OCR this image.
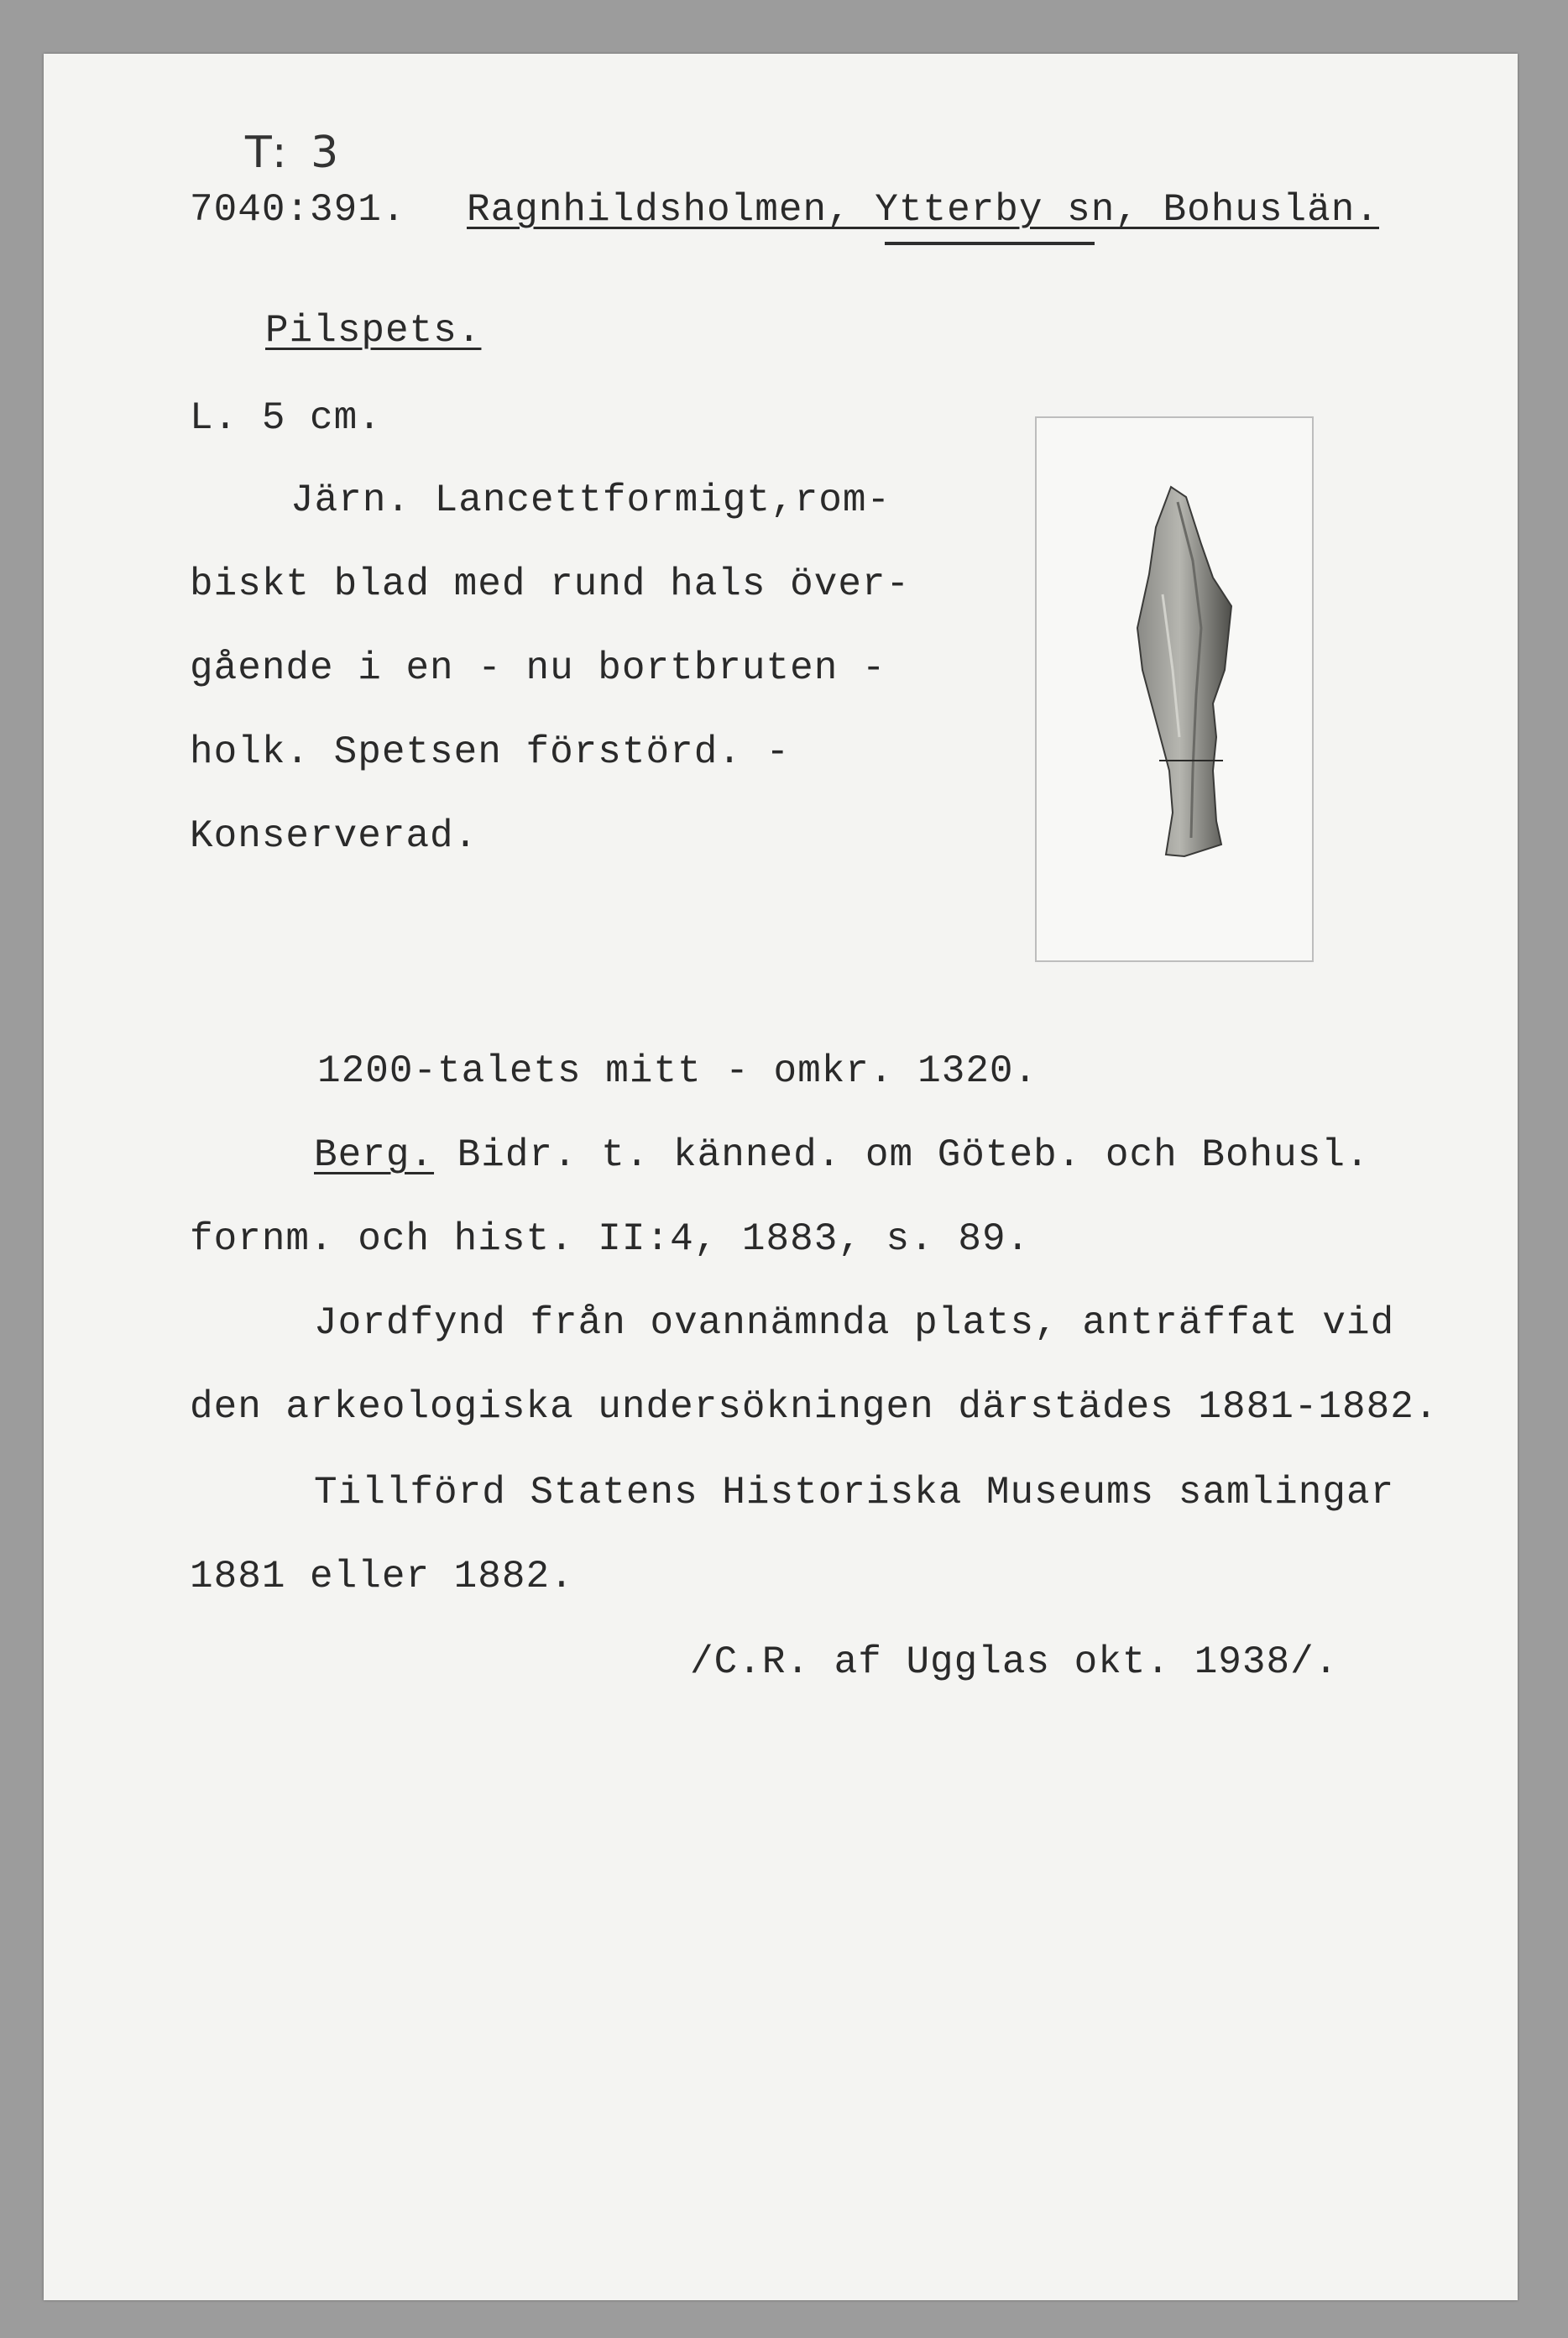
T: 3
7040:391. Ragnhildsholmen, Ytterby sn, Bohuslän.
Pilspets.
L. 5 cm.
Järn. Lancettformigt,rom-
biskt blad med rund hals över-
gående i en - nu bortbruten -
holk. Spetsen förstörd. -
Konserverad.
1200-talets mitt - omkr. 1320.
Berg.
Bidr. t. känned. om Göteb. och Bohusl.
fornm. och hist. II:4, 1883, s. 89.
Jordfynd från ovannämnda plats, anträffat vid
den arkeologiska undersökningen därstädes 1881-1882.
Tillförd Statens Historiska Museums samlingar
1881 eller 1882.
/C.R. af Ugglas okt. 1938/.
